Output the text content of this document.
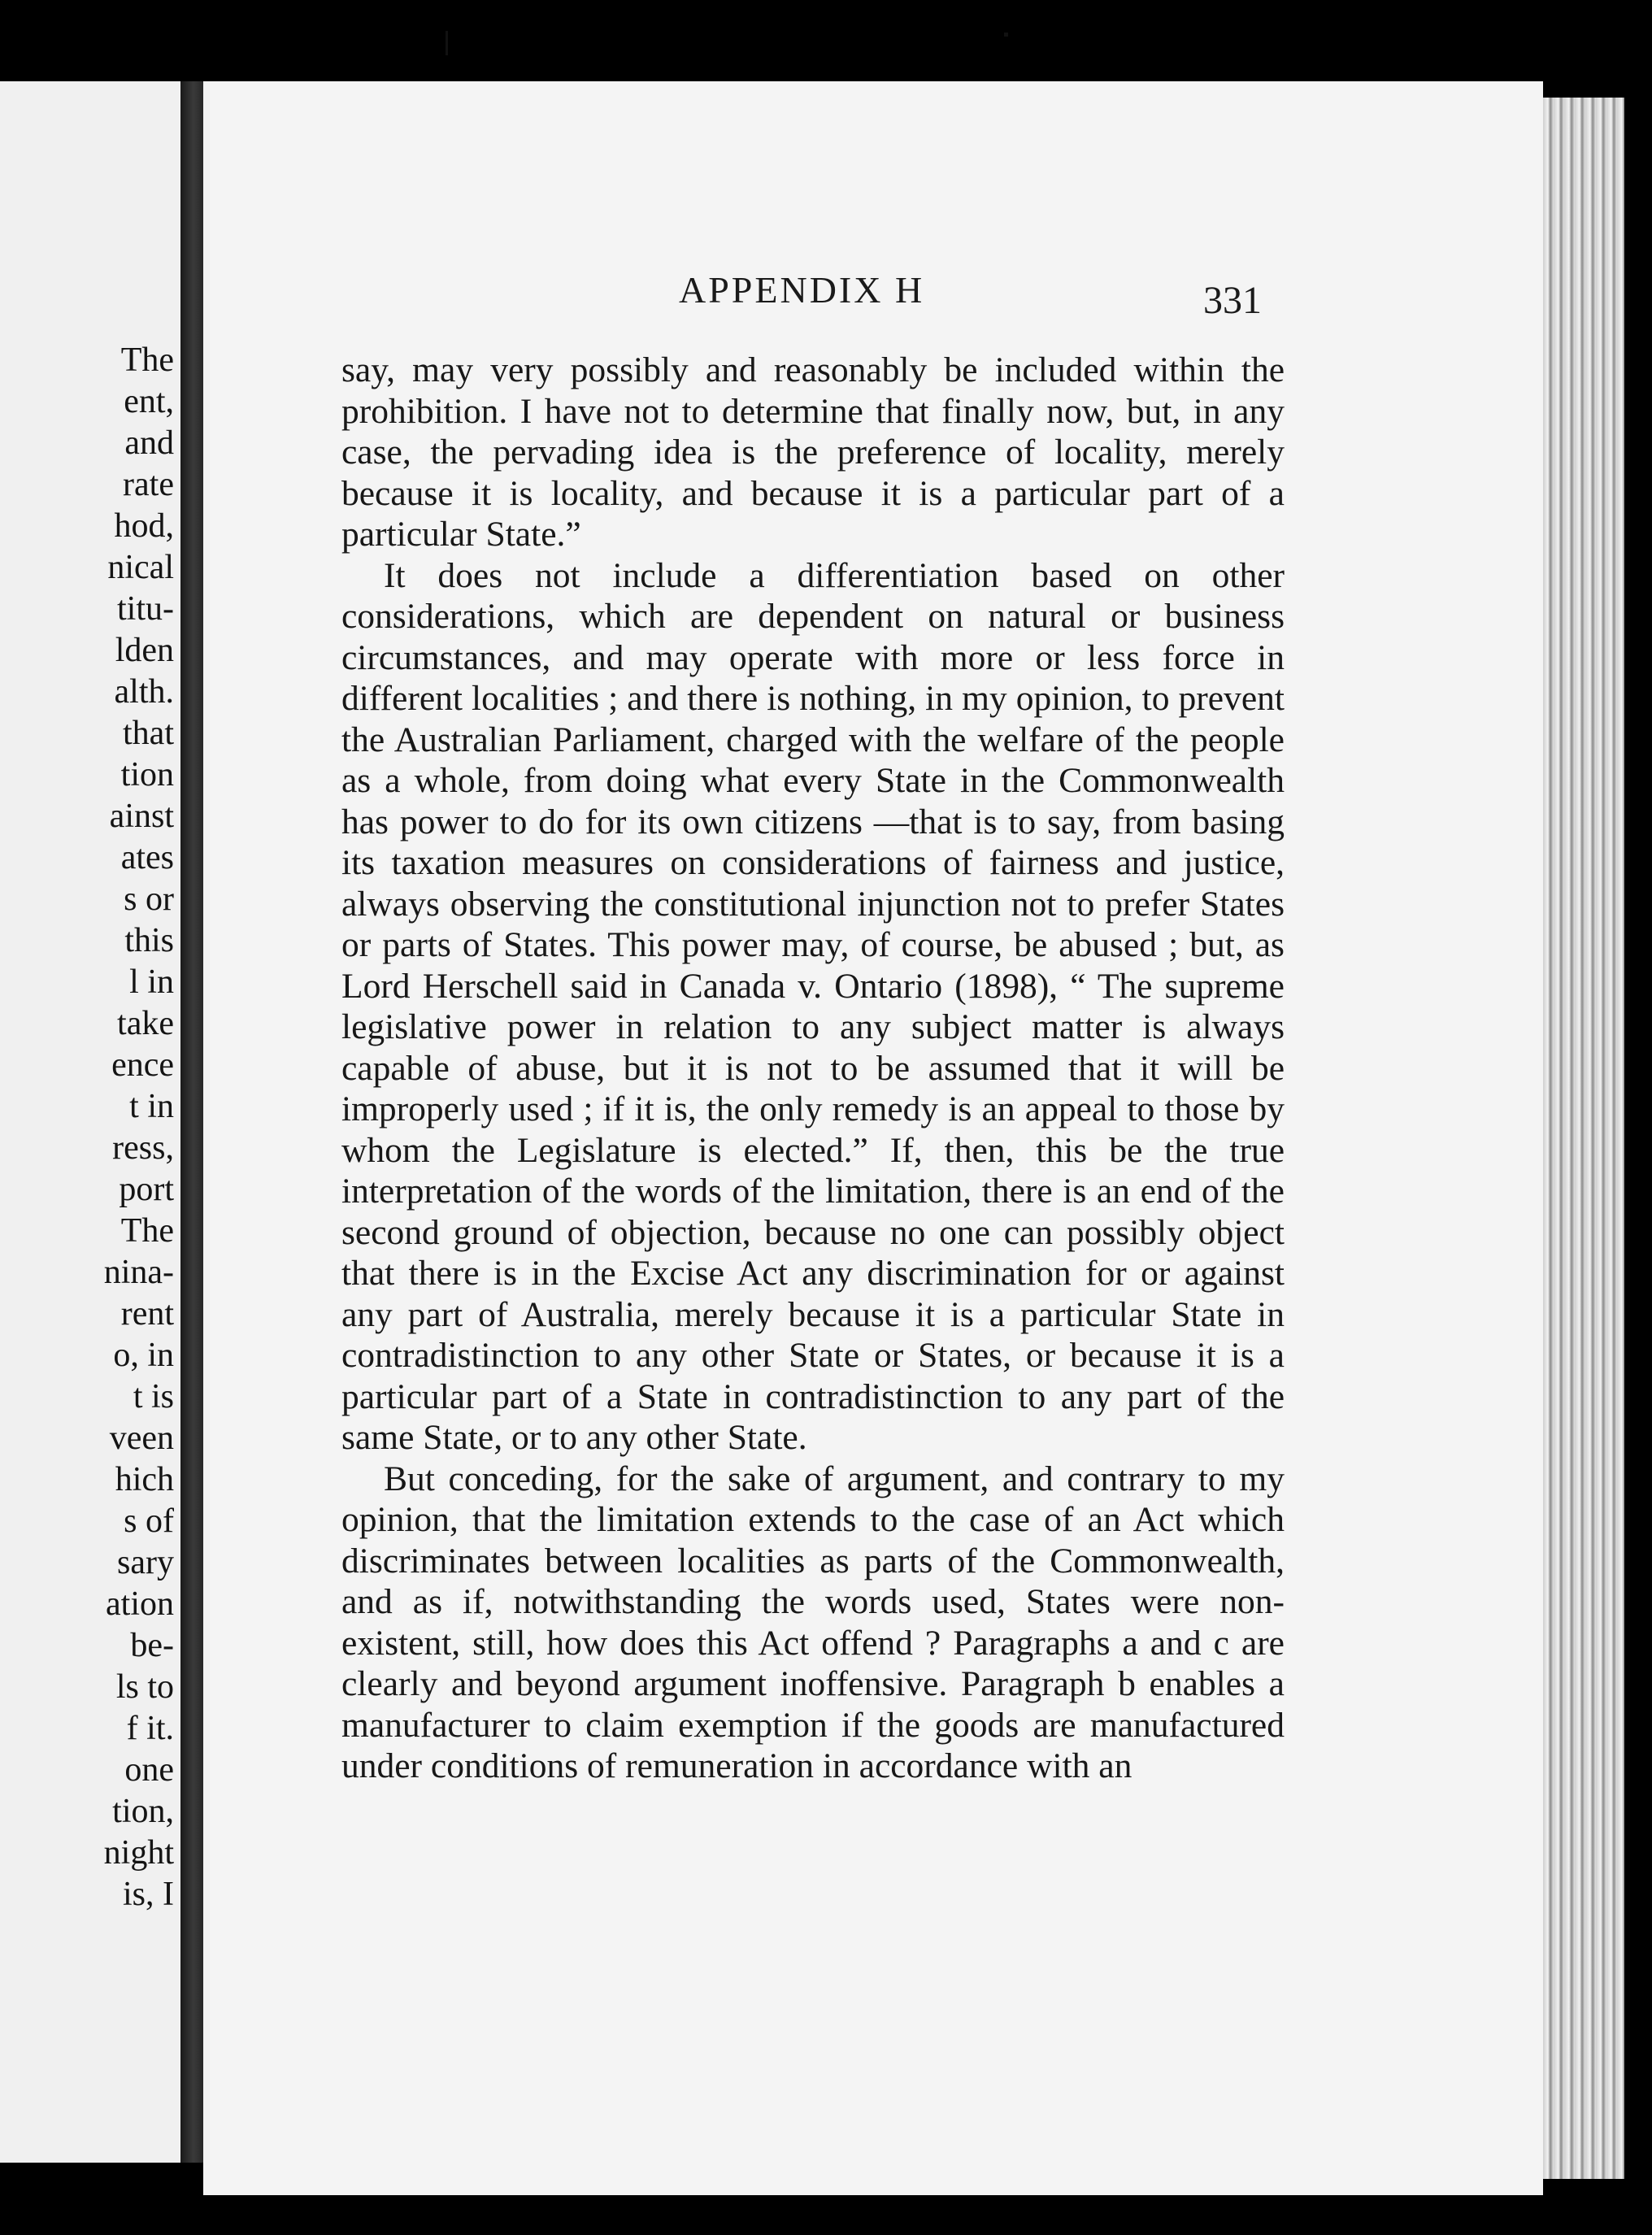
The
ent,
and
rate
hod,
nical
titu-
lden
alth.
that
tion
ainst
ates
s or
this
l in
take
ence
t in
ress,
port
The
nina-
rent
o, in
t is
veen
hich
s of
sary
ation
be-
ls to
f it.
one
tion,
night
is, I
APPENDIX H	331

say, may very possibly and reasonably be included within the prohibition. I have not to determine that finally now, but, in any case, the pervading idea is the preference of locality, merely because it is locality, and because it is a particular part of a particular State.”

It does not include a differentiation based on other considerations, which are dependent on natural or business circumstances, and may operate with more or less force in different localities ; and there is nothing, in my opinion, to prevent the Australian Parliament, charged with the welfare of the people as a whole, from doing what every State in the Commonwealth has power to do for its own citizens —that is to say, from basing its taxation measures on considerations of fairness and justice, always observing the constitutional injunction not to prefer States or parts of States. This power may, of course, be abused ; but, as Lord Herschell said in Canada v. Ontario (1898), “ The supreme legislative power in relation to any subject matter is always capable of abuse, but it is not to be assumed that it will be improperly used ; if it is, the only remedy is an appeal to those by whom the Legislature is elected.” If, then, this be the true interpretation of the words of the limitation, there is an end of the second ground of objection, because no one can possibly object that there is in the Excise Act any discrimination for or against any part of Australia, merely because it is a particular State in contradistinction to any other State or States, or because it is a particular part of a State in contradistinction to any part of the same State, or to any other State.

But conceding, for the sake of argument, and contrary to my opinion, that the limitation extends to the case of an Act which discriminates between localities as parts of the Commonwealth, and as if, notwithstanding the words used, States were non-existent, still, how does this Act offend ? Paragraphs a and c are clearly and beyond argument inoffensive. Paragraph b enables a manufacturer to claim exemption if the goods are manufactured under conditions of remuneration in accordance with an
